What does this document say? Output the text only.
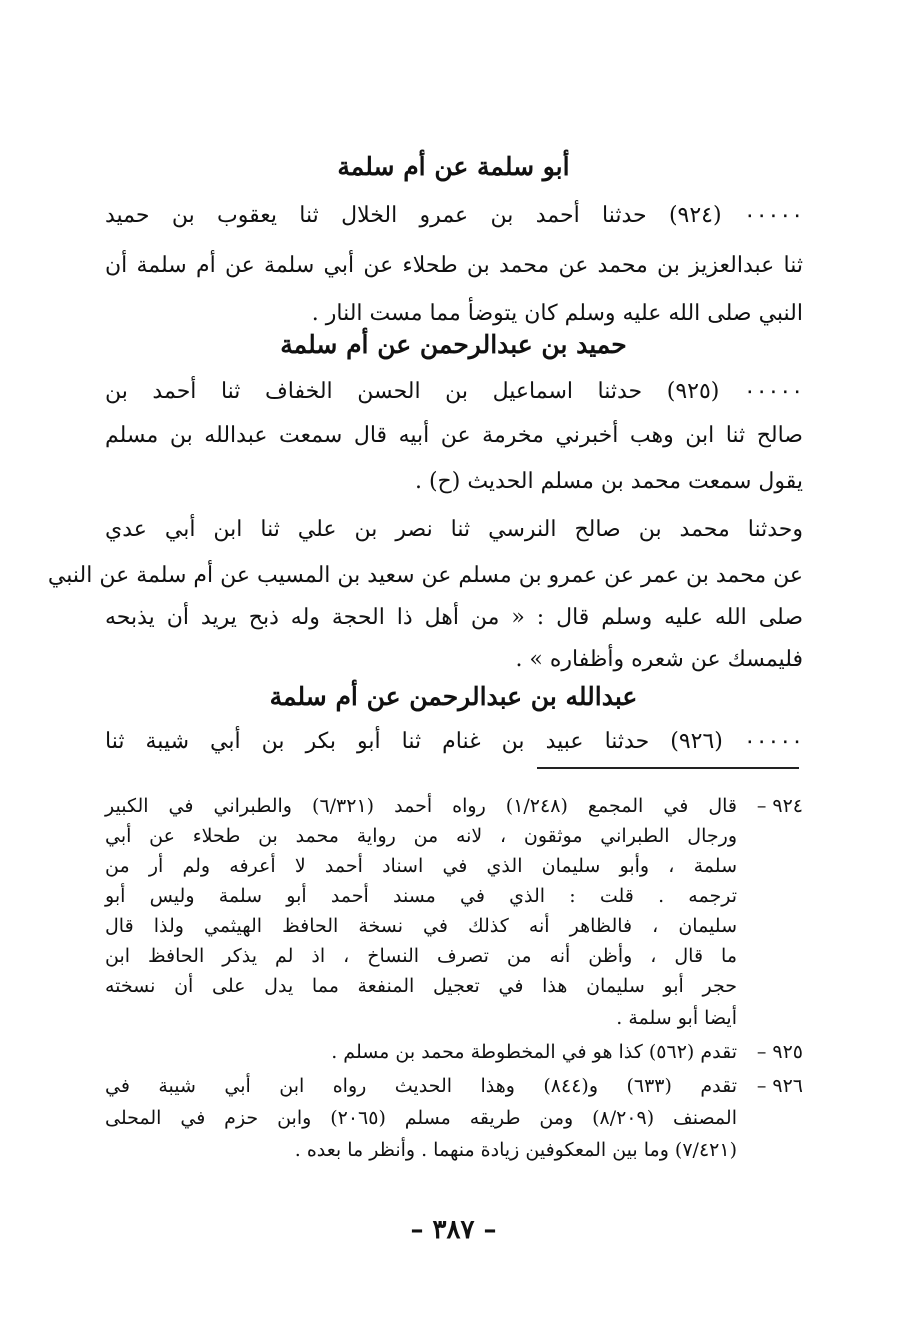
أبو سلمة عن أم سلمة
٠٠٠٠٠ (٩٢٤) حدثنا أحمد بن عمرو الخلال ثنا يعقوب بن حميد
ثنا عبدالعزيز بن محمد عن محمد بن طحلاء عن أبي سلمة عن أم سلمة أن
النبي صلى الله عليه وسلم كان يتوضأ مما مست النار .
حميد بن عبدالرحمن عن أم سلمة
٠٠٠٠٠ (٩٢٥) حدثنا اسماعيل بن الحسن الخفاف ثنا أحمد بن
صالح ثنا ابن وهب أخبرني مخرمة عن أبيه قال سمعت عبدالله بن مسلم
يقول سمعت محمد بن مسلم الحديث (ح) .
وحدثنا محمد بن صالح النرسي ثنا نصر بن علي ثنا ابن أبي عدي
عن محمد بن عمر عن عمرو بن مسلم عن سعيد بن المسيب عن أم سلمة عن النبي
صلى الله عليه وسلم قال : « من أهل ذا الحجة وله ذبح يريد أن يذبحه
فليمسك عن شعره وأظفاره » .
عبدالله بن عبدالرحمن عن أم سلمة
٠٠٠٠٠ (٩٢٦) حدثنا عبيد بن غنام ثنا أبو بكر بن أبي شيبة ثنا
٩٢٤ –
قال في المجمع (١/٢٤٨) رواه أحمد (٦/٣٢١) والطبراني في الكبير
ورجال الطبراني موثقون ، لانه من رواية محمد بن طحلاء عن أبي
سلمة ، وأبو سليمان الذي في اسناد أحمد لا أعرفه ولم أر من
ترجمه . قلت : الذي في مسند أحمد أبو سلمة وليس أبو
سليمان ، فالظاهر أنه كذلك في نسخة الحافظ الهيثمي ولذا قال
ما قال ، وأظن أنه من تصرف النساخ ، اذ لم يذكر الحافظ ابن
حجر أبو سليمان هذا في تعجيل المنفعة مما يدل على أن نسخته
أيضا أبو سلمة .
٩٢٥ –
تقدم (٥٦٢) كذا هو في المخطوطة محمد بن مسلم .
٩٢٦ –
تقدم (٦٣٣) و(٨٤٤) وهذا الحديث رواه ابن أبي شيبة في
المصنف (٨/٢٠٩) ومن طريقه مسلم (٢٠٦٥) وابن حزم في المحلى
(٧/٤٢١) وما بين المعكوفين زيادة منهما . وأنظر ما بعده .
– ٣٨٧ –
